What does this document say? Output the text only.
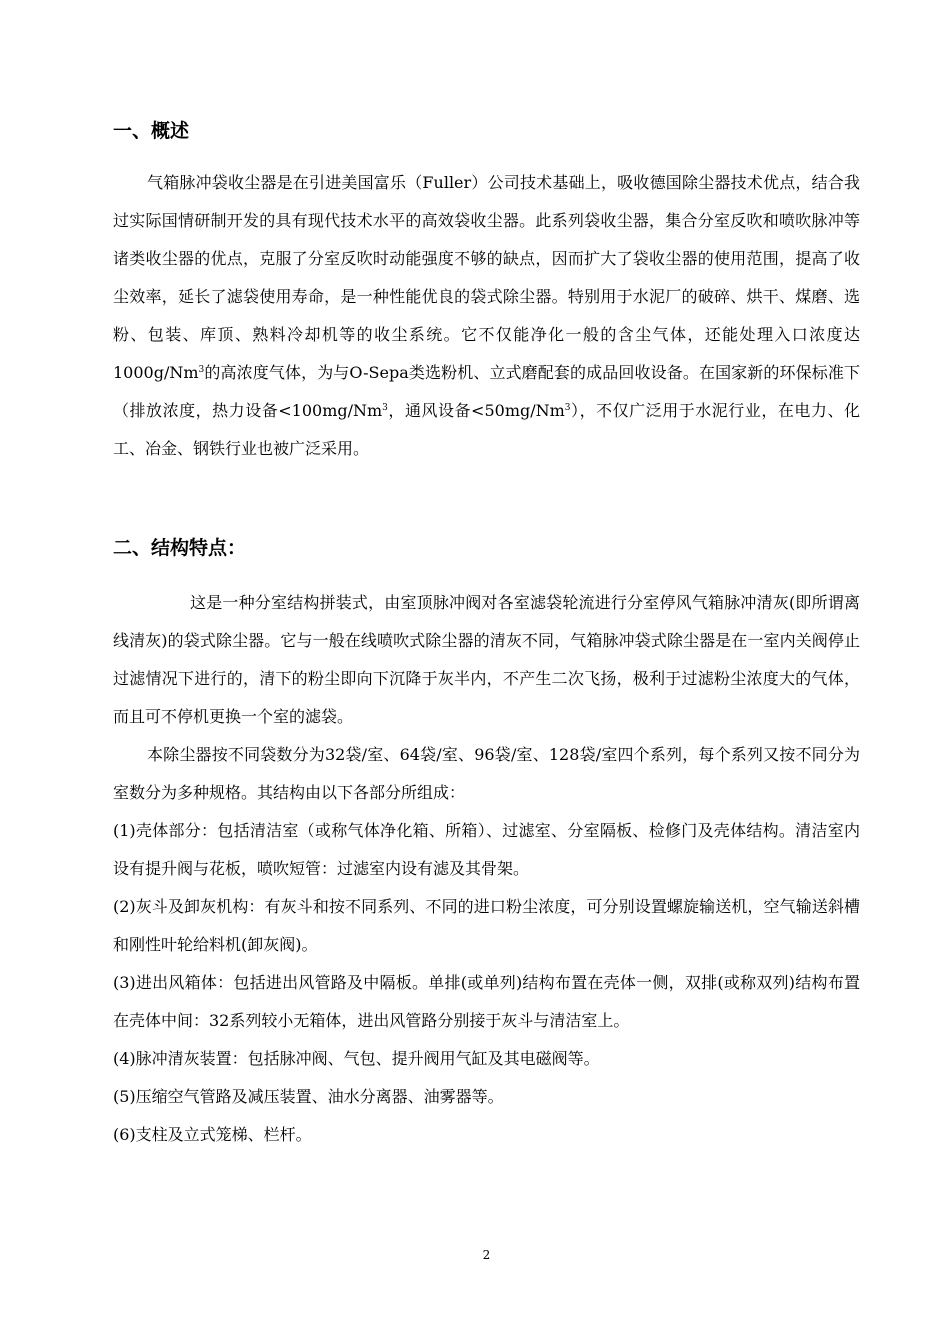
一、概述

气箱脉冲袋收尘器是在引进美国富乐（Fuller）公司技术基础上，吸收德国除尘器技术优点，结合我过实际国情研制开发的具有现代技术水平的高效袋收尘器。此系列袋收尘器，集合分室反吹和喷吹脉冲等诸类收尘器的优点，克服了分室反吹时动能强度不够的缺点，因而扩大了袋收尘器的使用范围，提高了收尘效率，延长了滤袋使用寿命，是一种性能优良的袋式除尘器。特别用于水泥厂的破碎、烘干、煤磨、选粉、包装、库顶、熟料冷却机等的收尘系统。它不仅能净化一般的含尘气体，还能处理入口浓度达1000g/Nm$^3$的高浓度气体，为与O-Sepa类选粉机、立式磨配套的成品回收设备。在国家新的环保标准下（排放浓度，热力设备$<100mg/Nm^3$，通风设备$<50mg/Nm^3$），不仅广泛用于水泥行业，在电力、化工、冶金、钢铁行业也被广泛采用。

二、结构特点：

这是一种分室结构拼装式，由室顶脉冲阀对各室滤袋轮流进行分室停风气箱脉冲清灰(即所谓离线清灰)的袋式除尘器。它与一般在线喷吹式除尘器的清灰不同，气箱脉冲袋式除尘器是在一室内关阀停止过滤情况下进行的，清下的粉尘即向下沉降于灰半内，不产生二次飞扬，极利于过滤粉尘浓度大的气体，而且可不停机更换一个室的滤袋。

本除尘器按不同袋数分为32袋/室、64袋/室、96袋/室、128袋/室四个系列，每个系列又按不同分为室数分为多种规格。其结构由以下各部分所组成：

(1)壳体部分：包括清洁室（或称气体净化箱、所箱）、过滤室、分室隔板、检修门及壳体结构。清洁室内设有提升阀与花板，喷吹短管：过滤室内设有滤及其骨架。

(2)灰斗及卸灰机构：有灰斗和按不同系列、不同的进口粉尘浓度，可分别设置螺旋输送机，空气输送斜槽和刚性叶轮给料机(卸灰阀)。

(3)进出风箱体：包括进出风管路及中隔板。单排(或单列)结构布置在壳体一侧，双排(或称双列)结构布置在壳体中间：32系列较小无箱体，进出风管路分别接于灰斗与清洁室上。

(4)脉冲清灰装置：包括脉冲阀、气包、提升阀用气缸及其电磁阀等。

(5)压缩空气管路及减压装置、油水分离器、油雾器等。

(6)支柱及立式笼梯、栏杆。

2
